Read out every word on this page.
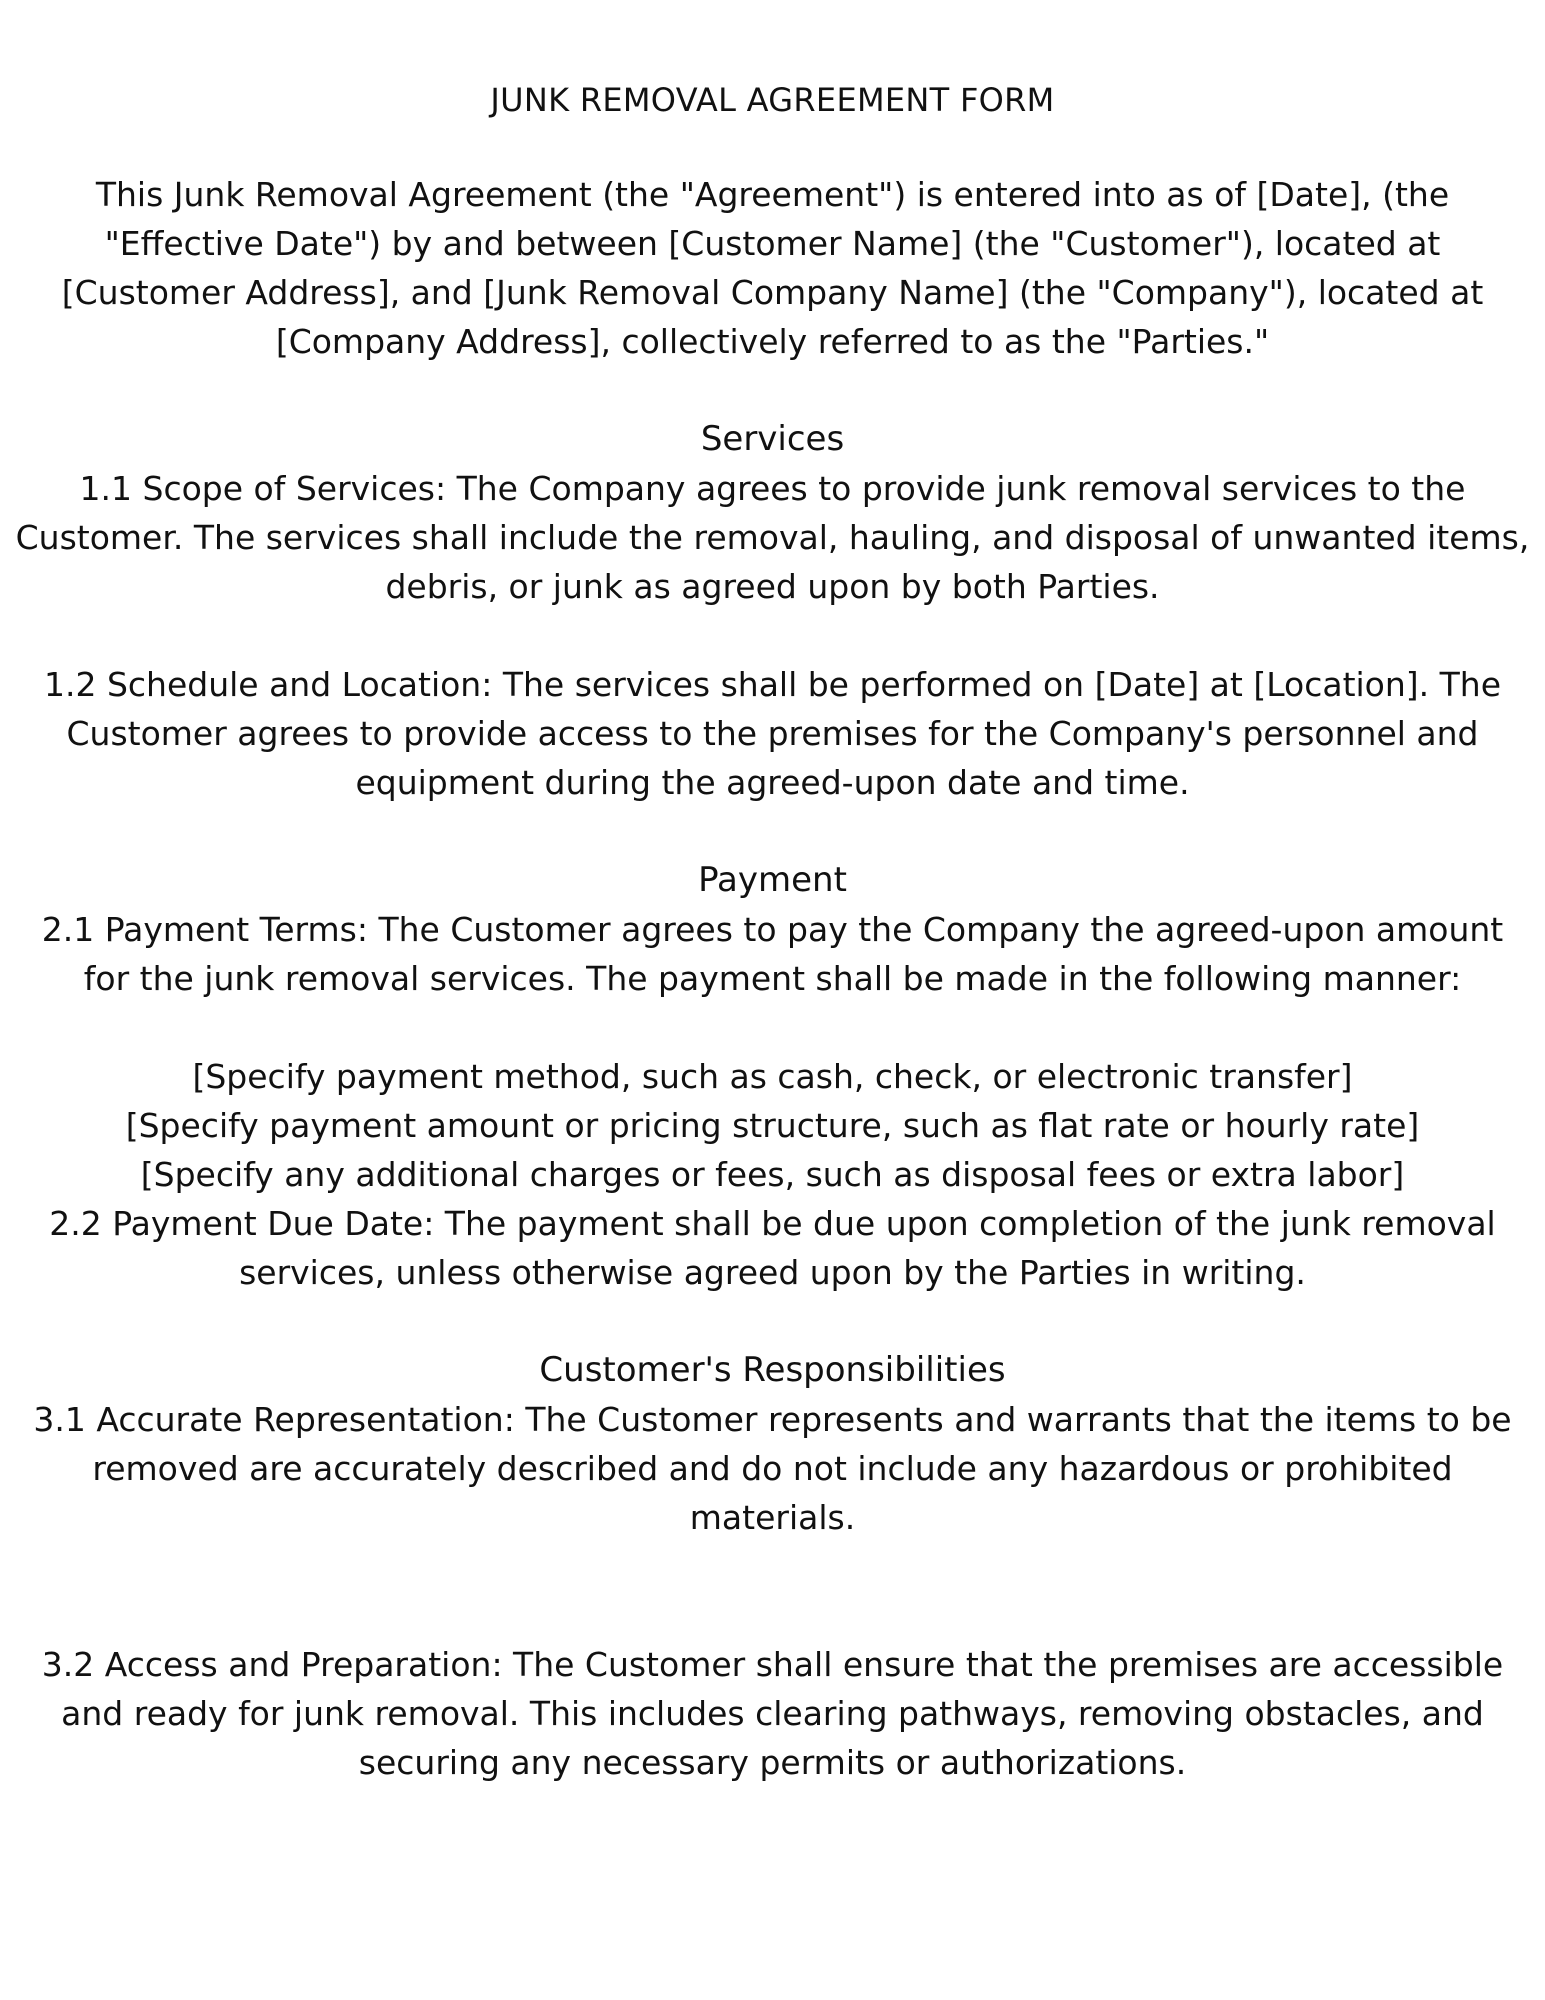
JUNK REMOVAL AGREEMENT FORM
This Junk Removal Agreement (the "Agreement") is entered into as of [Date], (the
"Effective Date") by and between [Customer Name] (the "Customer"), located at
[Customer Address], and [Junk Removal Company Name] (the "Company"), located at
[Company Address], collectively referred to as the "Parties."
Services
1.1 Scope of Services: The Company agrees to provide junk removal services to the
Customer. The services shall include the removal, hauling, and disposal of unwanted items,
debris, or junk as agreed upon by both Parties.
1.2 Schedule and Location: The services shall be performed on [Date] at [Location]. The
Customer agrees to provide access to the premises for the Company's personnel and
equipment during the agreed-upon date and time.
Payment
2.1 Payment Terms: The Customer agrees to pay the Company the agreed-upon amount
for the junk removal services. The payment shall be made in the following manner:
[Specify payment method, such as cash, check, or electronic transfer]
[Specify payment amount or pricing structure, such as flat rate or hourly rate]
[Specify any additional charges or fees, such as disposal fees or extra labor]
2.2 Payment Due Date: The payment shall be due upon completion of the junk removal
services, unless otherwise agreed upon by the Parties in writing.
Customer's Responsibilities
3.1 Accurate Representation: The Customer represents and warrants that the items to be
removed are accurately described and do not include any hazardous or prohibited
materials.
3.2 Access and Preparation: The Customer shall ensure that the premises are accessible
and ready for junk removal. This includes clearing pathways, removing obstacles, and
securing any necessary permits or authorizations.
